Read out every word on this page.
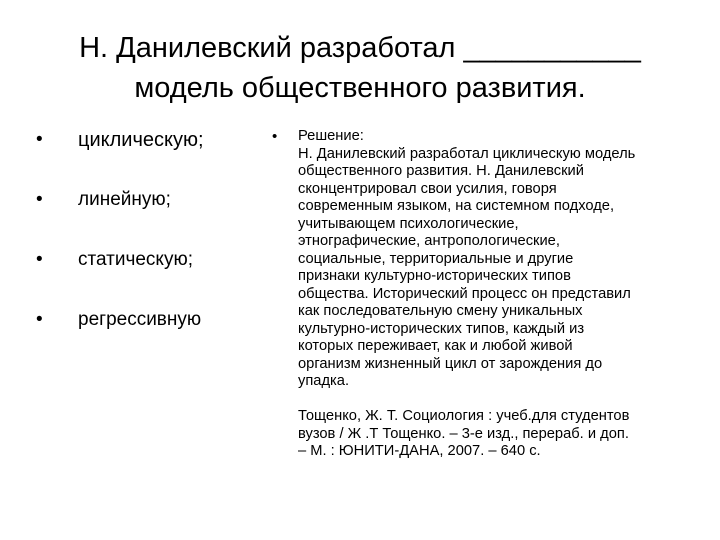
Н. Данилевский разработал ___________
модель общественного развития.
• циклическую;
• линейную;
• статическую;
• регрессивную
• Решение:
Н. Данилевский разработал циклическую модель
общественного развития. Н. Данилевский
сконцентрировал свои усилия, говоря
современным языком, на системном подходе,
учитывающем психологические,
этнографические, антропологические,
социальные, территориальные и другие
признаки культурно-исторических типов
общества. Исторический процесс он представил
как последовательную смену уникальных
культурно-исторических типов, каждый из
которых переживает, как и любой живой
организм жизненный цикл от зарождения до
упадка.
Тощенко, Ж. Т. Социология : учеб.для студентов
вузов / Ж .Т Тощенко. – 3-е изд., перераб. и доп.
– М. : ЮНИТИ-ДАНА, 2007. – 640 с.
